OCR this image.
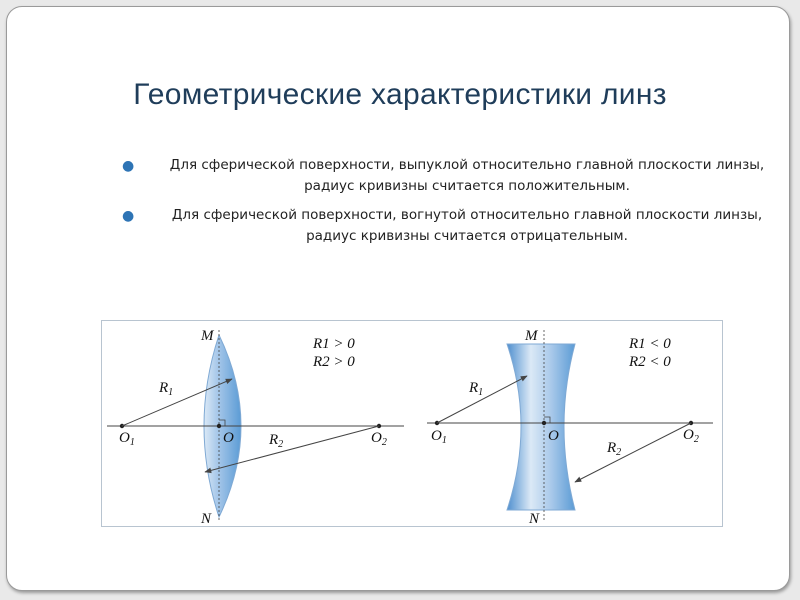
Геометрические характеристики линз
●	Для сферической поверхности, выпуклой относительно главной плоскости линзы, радиус кривизны считается положительным.
●	Для сферической поверхности, вогнутой относительно главной плоскости линзы, радиус кривизны считается отрицательным.
M
N
O
$O_1$	$O_2$
$R_1$
$R_2$
R1 > 0
R2 > 0
M
N
O
$O_1$	$O_2$
$R_1$
$R_2$
R1 < 0
R2 < 0
